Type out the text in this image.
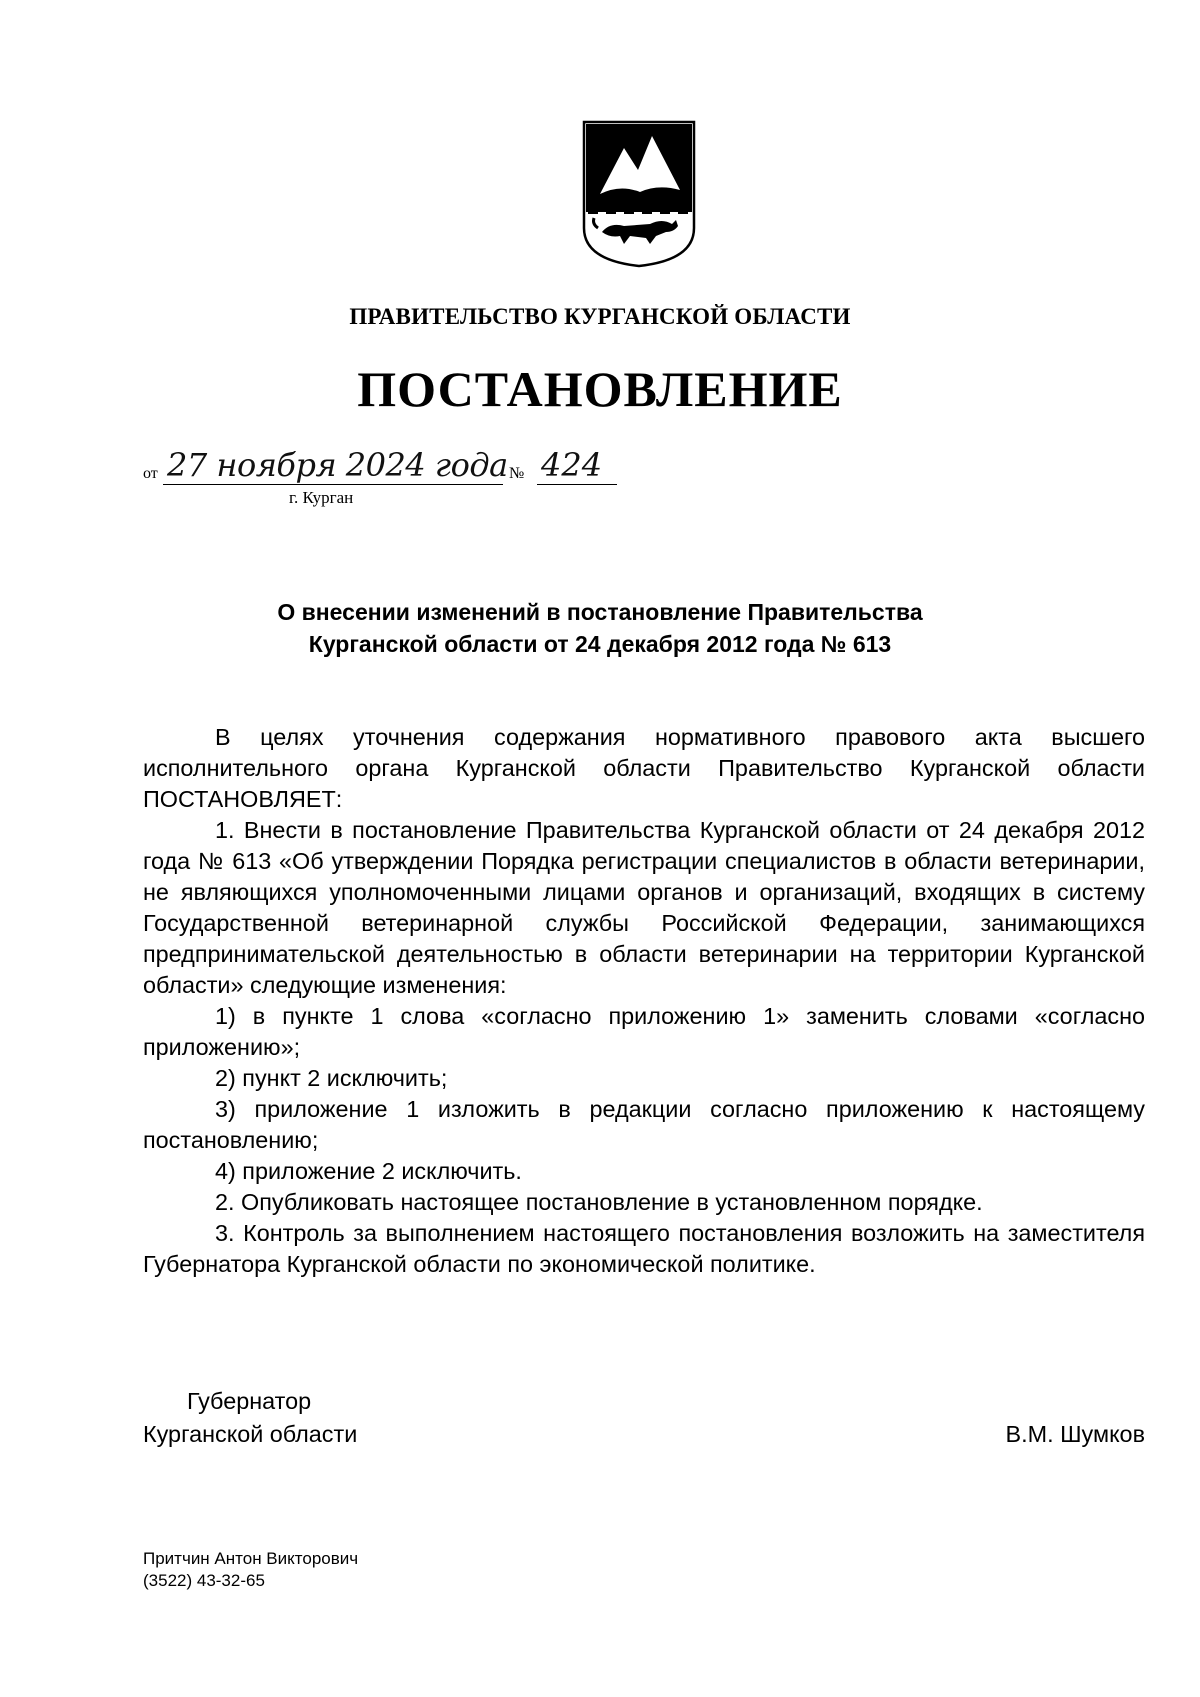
ПРАВИТЕЛЬСТВО КУРГАНСКОЙ ОБЛАСТИ
ПОСТАНОВЛЕНИЕ
от 27 ноября 2024 года № 424
г. Курган
О внесении изменений в постановление Правительства
Курганской области от 24 декабря 2012 года № 613

В целях уточнения содержания нормативного правового акта высшего исполнительного органа Курганской области Правительство Курганской области ПОСТАНОВЛЯЕТ:

1. Внести в постановление Правительства Курганской области от 24 декабря 2012 года № 613 «Об утверждении Порядка регистрации специалистов в области ветеринарии, не являющихся уполномоченными лицами органов и организаций, входящих в систему Государственной ветеринарной службы Российской Федерации, занимающихся предпринимательской деятельностью в области ветеринарии на территории Курганской области» следующие изменения:

1) в пункте 1 слова «согласно приложению 1» заменить словами «согласно приложению»;

2) пункт 2 исключить;

3) приложение 1 изложить в редакции согласно приложению к настоящему постановлению;

4) приложение 2 исключить.

2. Опубликовать настоящее постановление в установленном порядке.

3. Контроль за выполнением настоящего постановления возложить на заместителя Губернатора Курганской области по экономической политике.

Губернатор
Курганской области	В.М. Шумков
Притчин Антон Викторович
(3522) 43-32-65
